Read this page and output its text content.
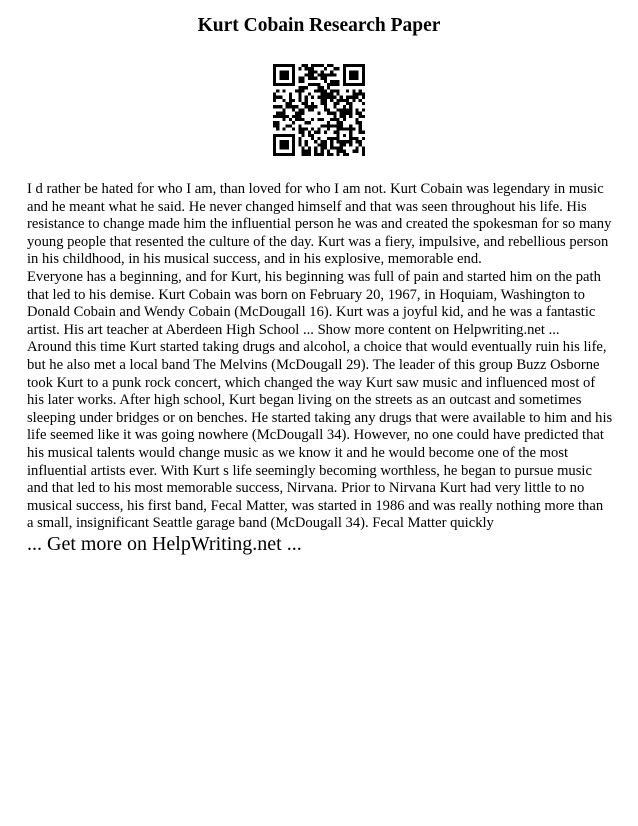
Kurt Cobain Research Paper

I d rather be hated for who I am, than loved for who I am not. Kurt Cobain was legendary in music and he meant what he said. He never changed himself and that was seen throughout his life. His resistance to change made him the influential person he was and created the spokesman for so many young people that resented the culture of the day. Kurt was a fiery, impulsive, and rebellious person in his childhood, in his musical success, and in his explosive, memorable end.

Everyone has a beginning, and for Kurt, his beginning was full of pain and started him on the path that led to his demise. Kurt Cobain was born on February 20, 1967, in Hoquiam, Washington to Donald Cobain and Wendy Cobain (McDougall 16). Kurt was a joyful kid, and he was a fantastic artist. His art teacher at Aberdeen High School ... Show more content on Helpwriting.net ...

Around this time Kurt started taking drugs and alcohol, a choice that would eventually ruin his life, but he also met a local band The Melvins (McDougall 29). The leader of this group Buzz Osborne took Kurt to a punk rock concert, which changed the way Kurt saw music and influenced most of his later works. After high school, Kurt began living on the streets as an outcast and sometimes sleeping under bridges or on benches. He started taking any drugs that were available to him and his life seemed like it was going nowhere (McDougall 34). However, no one could have predicted that his musical talents would change music as we know it and he would become one of the most influential artists ever. With Kurt s life seemingly becoming worthless, he began to pursue music and that led to his most memorable success, Nirvana. Prior to Nirvana Kurt had very little to no musical success, his first band, Fecal Matter, was started in 1986 and was really nothing more than a small, insignificant Seattle garage band (McDougall 34). Fecal Matter quickly

... Get more on HelpWriting.net ...
